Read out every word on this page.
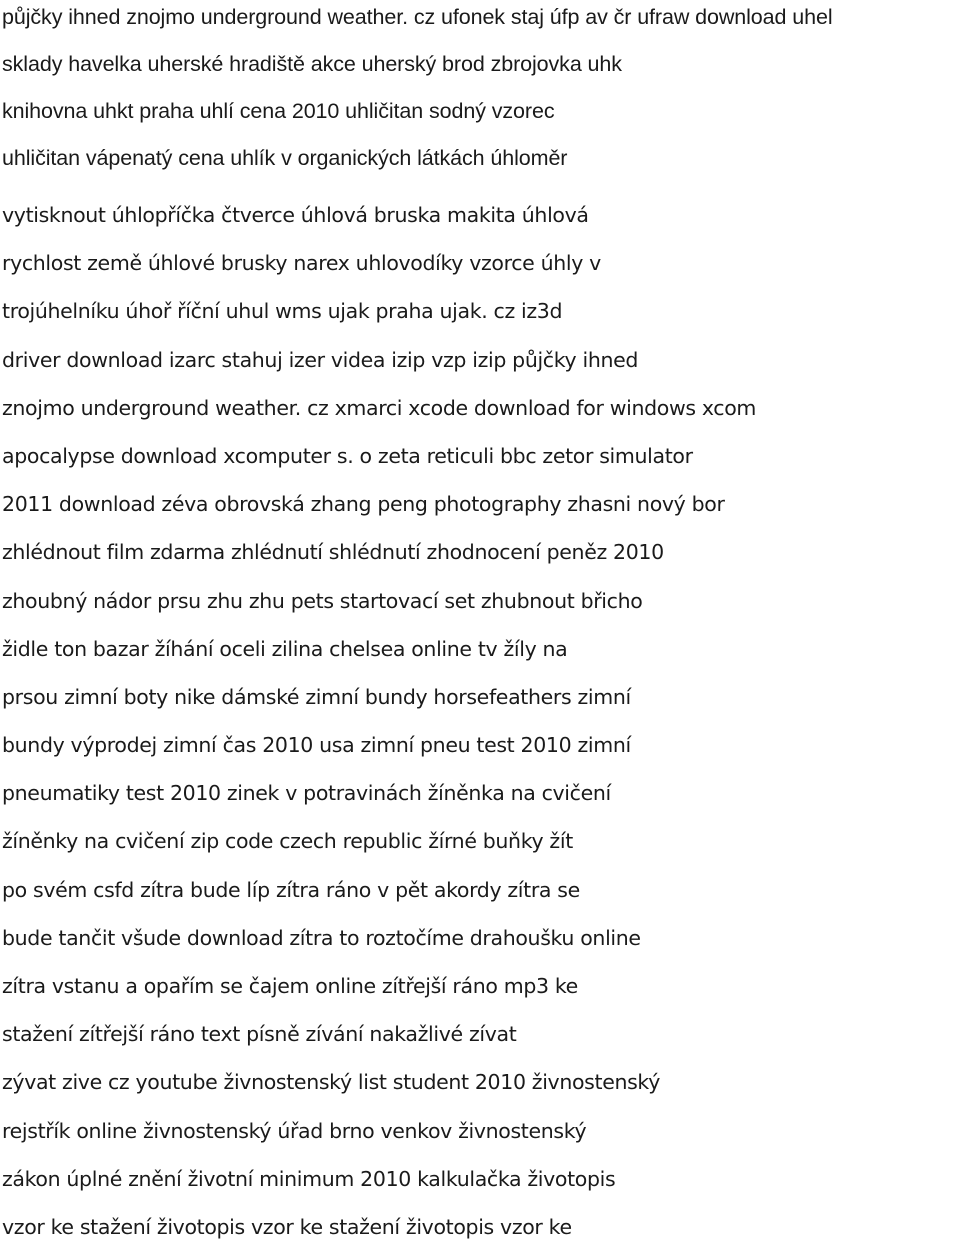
půjčky ihned znojmo underground weather. cz ufonek staj úfp av čr ufraw download uhel
sklady havelka uherské hradiště akce uherský brod zbrojovka uhk
knihovna uhkt praha uhlí cena 2010 uhličitan sodný vzorec
uhličitan vápenatý cena uhlík v organických látkách úhloměr
vytisknout úhlopříčka čtverce úhlová bruska makita úhlová
rychlost země úhlové brusky narex uhlovodíky vzorce úhly v
trojúhelníku úhoř říční uhul wms ujak praha ujak. cz iz3d
driver download izarc stahuj izer videa izip vzp izip půjčky ihned
znojmo underground weather. cz xmarci xcode download for windows xcom
apocalypse download xcomputer s. o zeta reticuli bbc zetor simulator
2011 download zéva obrovská zhang peng photography zhasni nový bor
zhlédnout film zdarma zhlédnutí shlédnutí zhodnocení peněz 2010
zhoubný nádor prsu zhu zhu pets startovací set zhubnout břicho
židle ton bazar žíhání oceli zilina chelsea online tv žíly na
prsou zimní boty nike dámské zimní bundy horsefeathers zimní
bundy výprodej zimní čas 2010 usa zimní pneu test 2010 zimní
pneumatiky test 2010 zinek v potravinách žíněnka na cvičení
žíněnky na cvičení zip code czech republic žírné buňky žít
po svém csfd zítra bude líp zítra ráno v pět akordy zítra se
bude tančit všude download zítra to roztočíme drahoušku online
zítra vstanu a opařím se čajem online zítřejší ráno mp3 ke
stažení zítřejší ráno text písně zívání nakažlivé zívat
zývat zive cz youtube živnostenský list student 2010 živnostenský
rejstřík online živnostenský úřad brno venkov živnostenský
zákon úplné znění životní minimum 2010 kalkulačka životopis
vzor ke stažení životopis vzor ke stažení životopis vzor ke
